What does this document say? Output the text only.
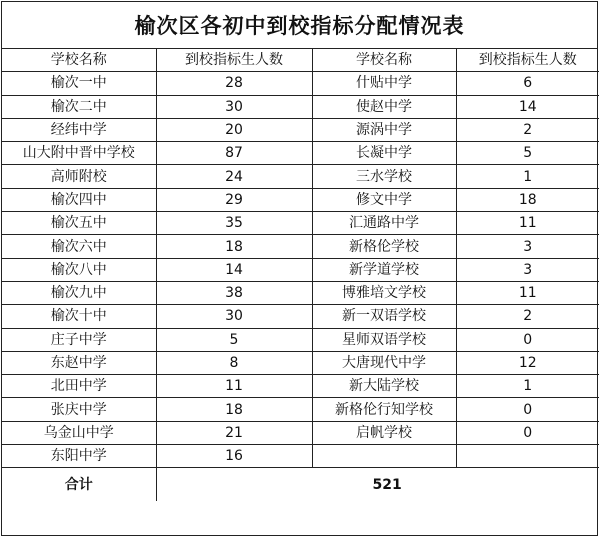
榆次区各初中到校指标分配情况表
学校名称	到校指标生人数	学校名称	到校指标生人数
榆次一中	28	什贴中学	6
榆次二中	30	使赵中学	14
经纬中学	20	源涡中学	2
山大附中晋中学校	87	长凝中学	5
高师附校	24	三水学校	1
榆次四中	29	修文中学	18
榆次五中	35	汇通路中学	11
榆次六中	18	新格伦学校	3
榆次八中	14	新学道学校	3
榆次九中	38	博雅培文学校	11
榆次十中	30	新一双语学校	2
庄子中学	5	星师双语学校	0
东赵中学	8	大唐现代中学	12
北田中学	11	新大陆学校	1
张庆中学	18	新格伦行知学校	0
乌金山中学	21	启帆学校	0
东阳中学	16		
合计	521		
